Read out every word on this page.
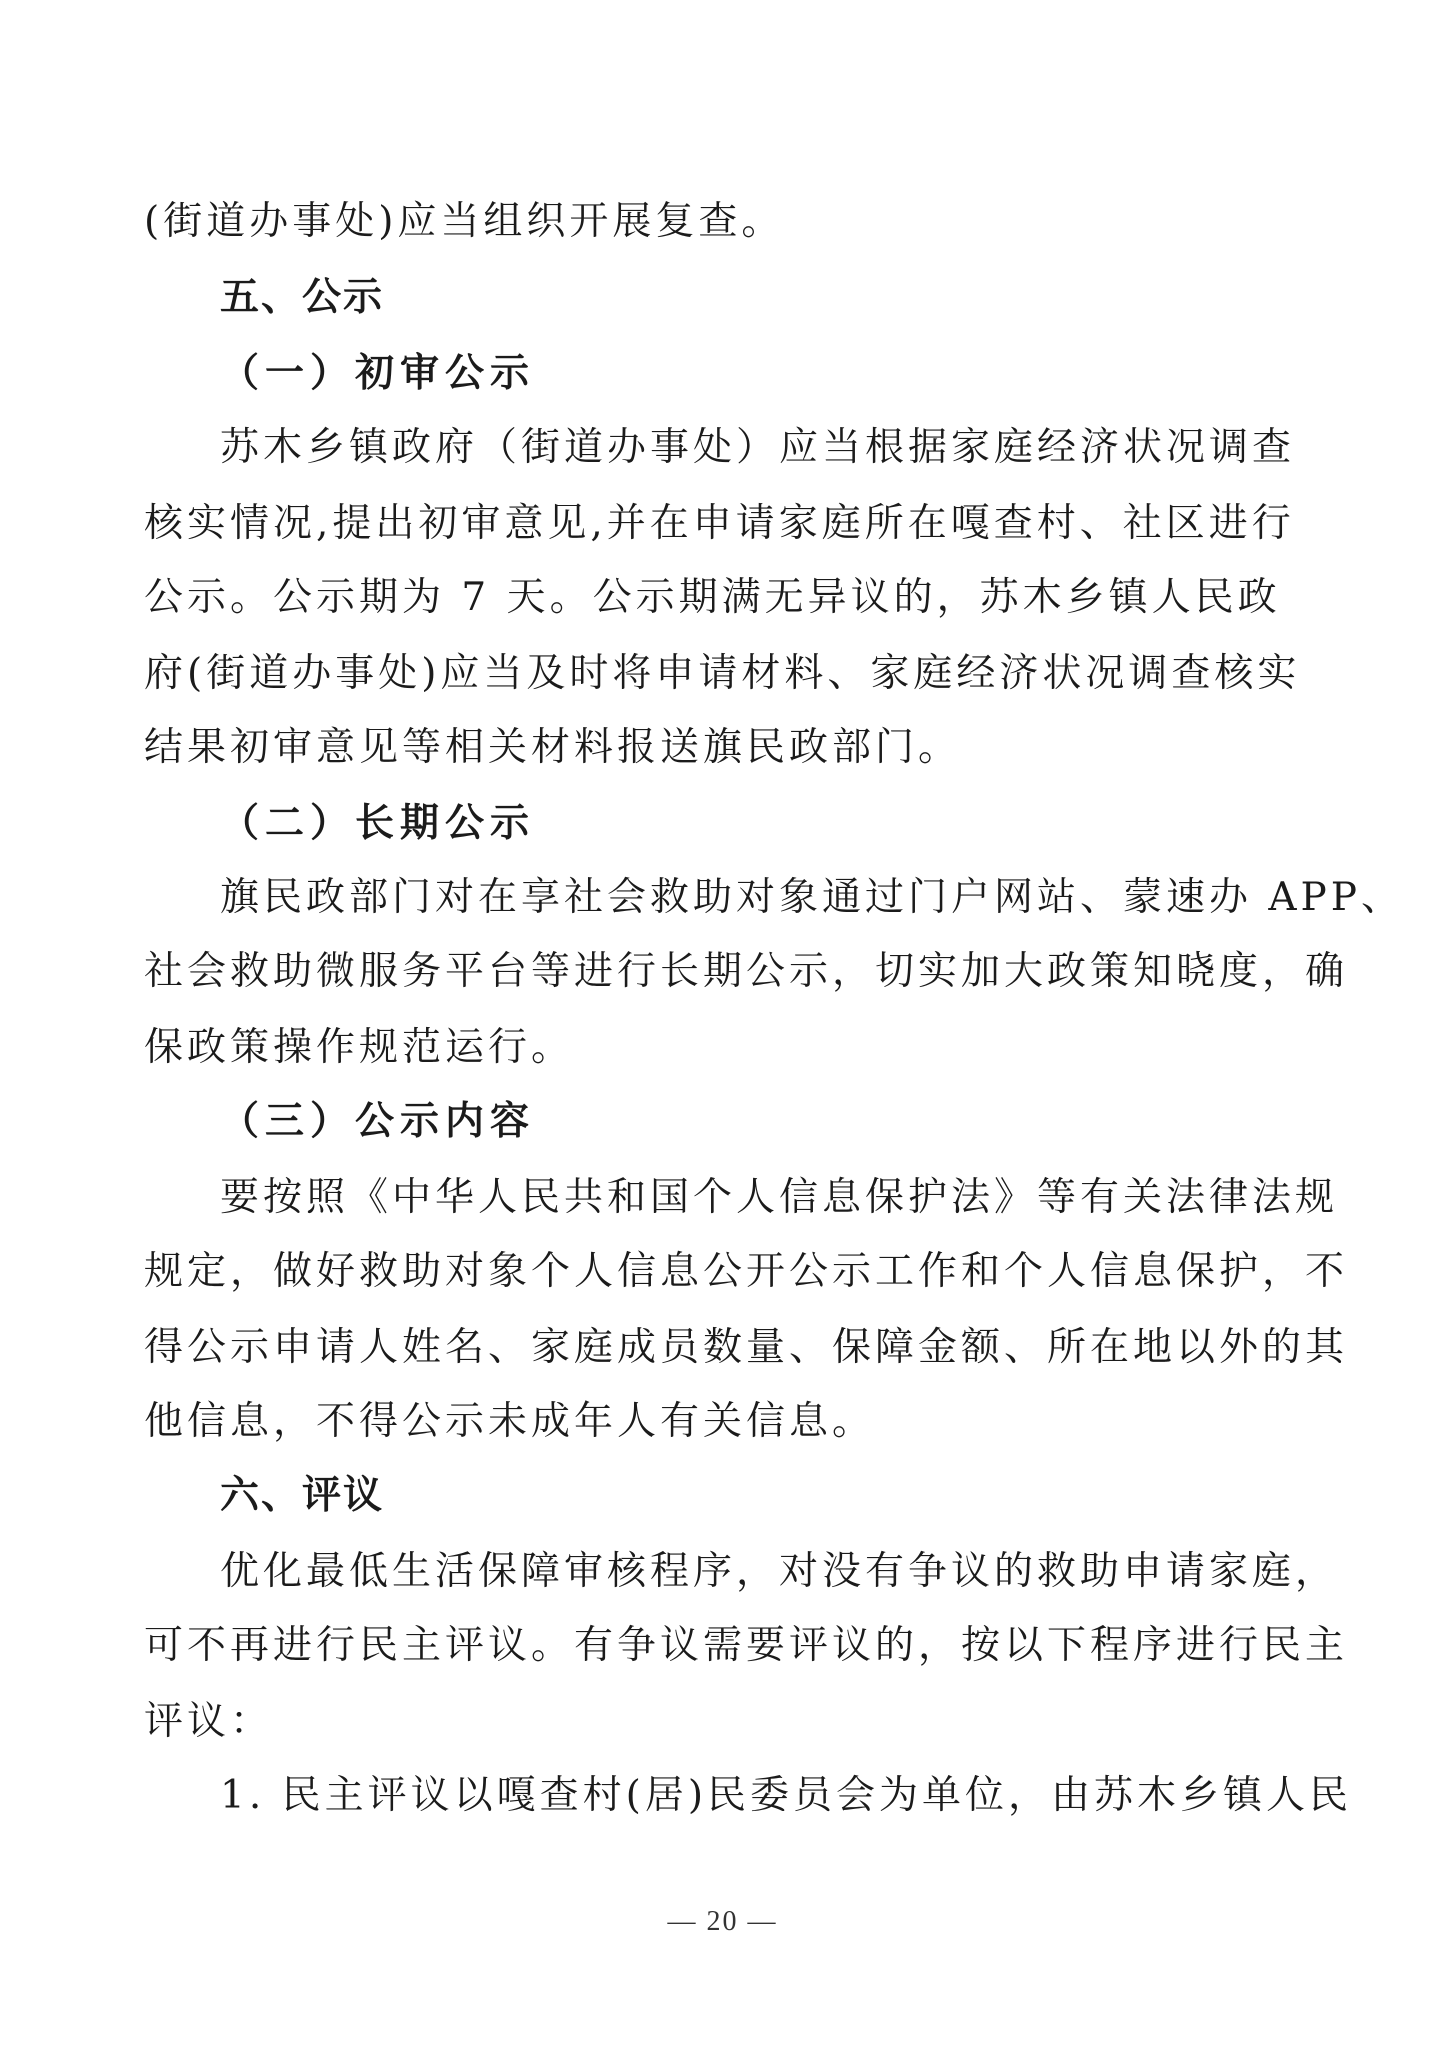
(街道办事处)应当组织开展复查。
五、公示
（一）初审公示
苏木乡镇政府（街道办事处）应当根据家庭经济状况调查
核实情况,提出初审意见,并在申请家庭所在嘎查村、社区进行
公示。公示期为 7 天。公示期满无异议的，苏木乡镇人民政
府(街道办事处)应当及时将申请材料、家庭经济状况调查核实
结果初审意见等相关材料报送旗民政部门。
（二）长期公示
旗民政部门对在享社会救助对象通过门户网站、蒙速办 APP、
社会救助微服务平台等进行长期公示，切实加大政策知晓度，确
保政策操作规范运行。
（三）公示内容
要按照《中华人民共和国个人信息保护法》等有关法律法规
规定，做好救助对象个人信息公开公示工作和个人信息保护，不
得公示申请人姓名、家庭成员数量、保障金额、所在地以外的其
他信息，不得公示未成年人有关信息。
六、评议
优化最低生活保障审核程序，对没有争议的救助申请家庭，
可不再进行民主评议。有争议需要评议的，按以下程序进行民主
评议：
1. 民主评议以嘎查村(居)民委员会为单位，由苏木乡镇人民
— 20 —
